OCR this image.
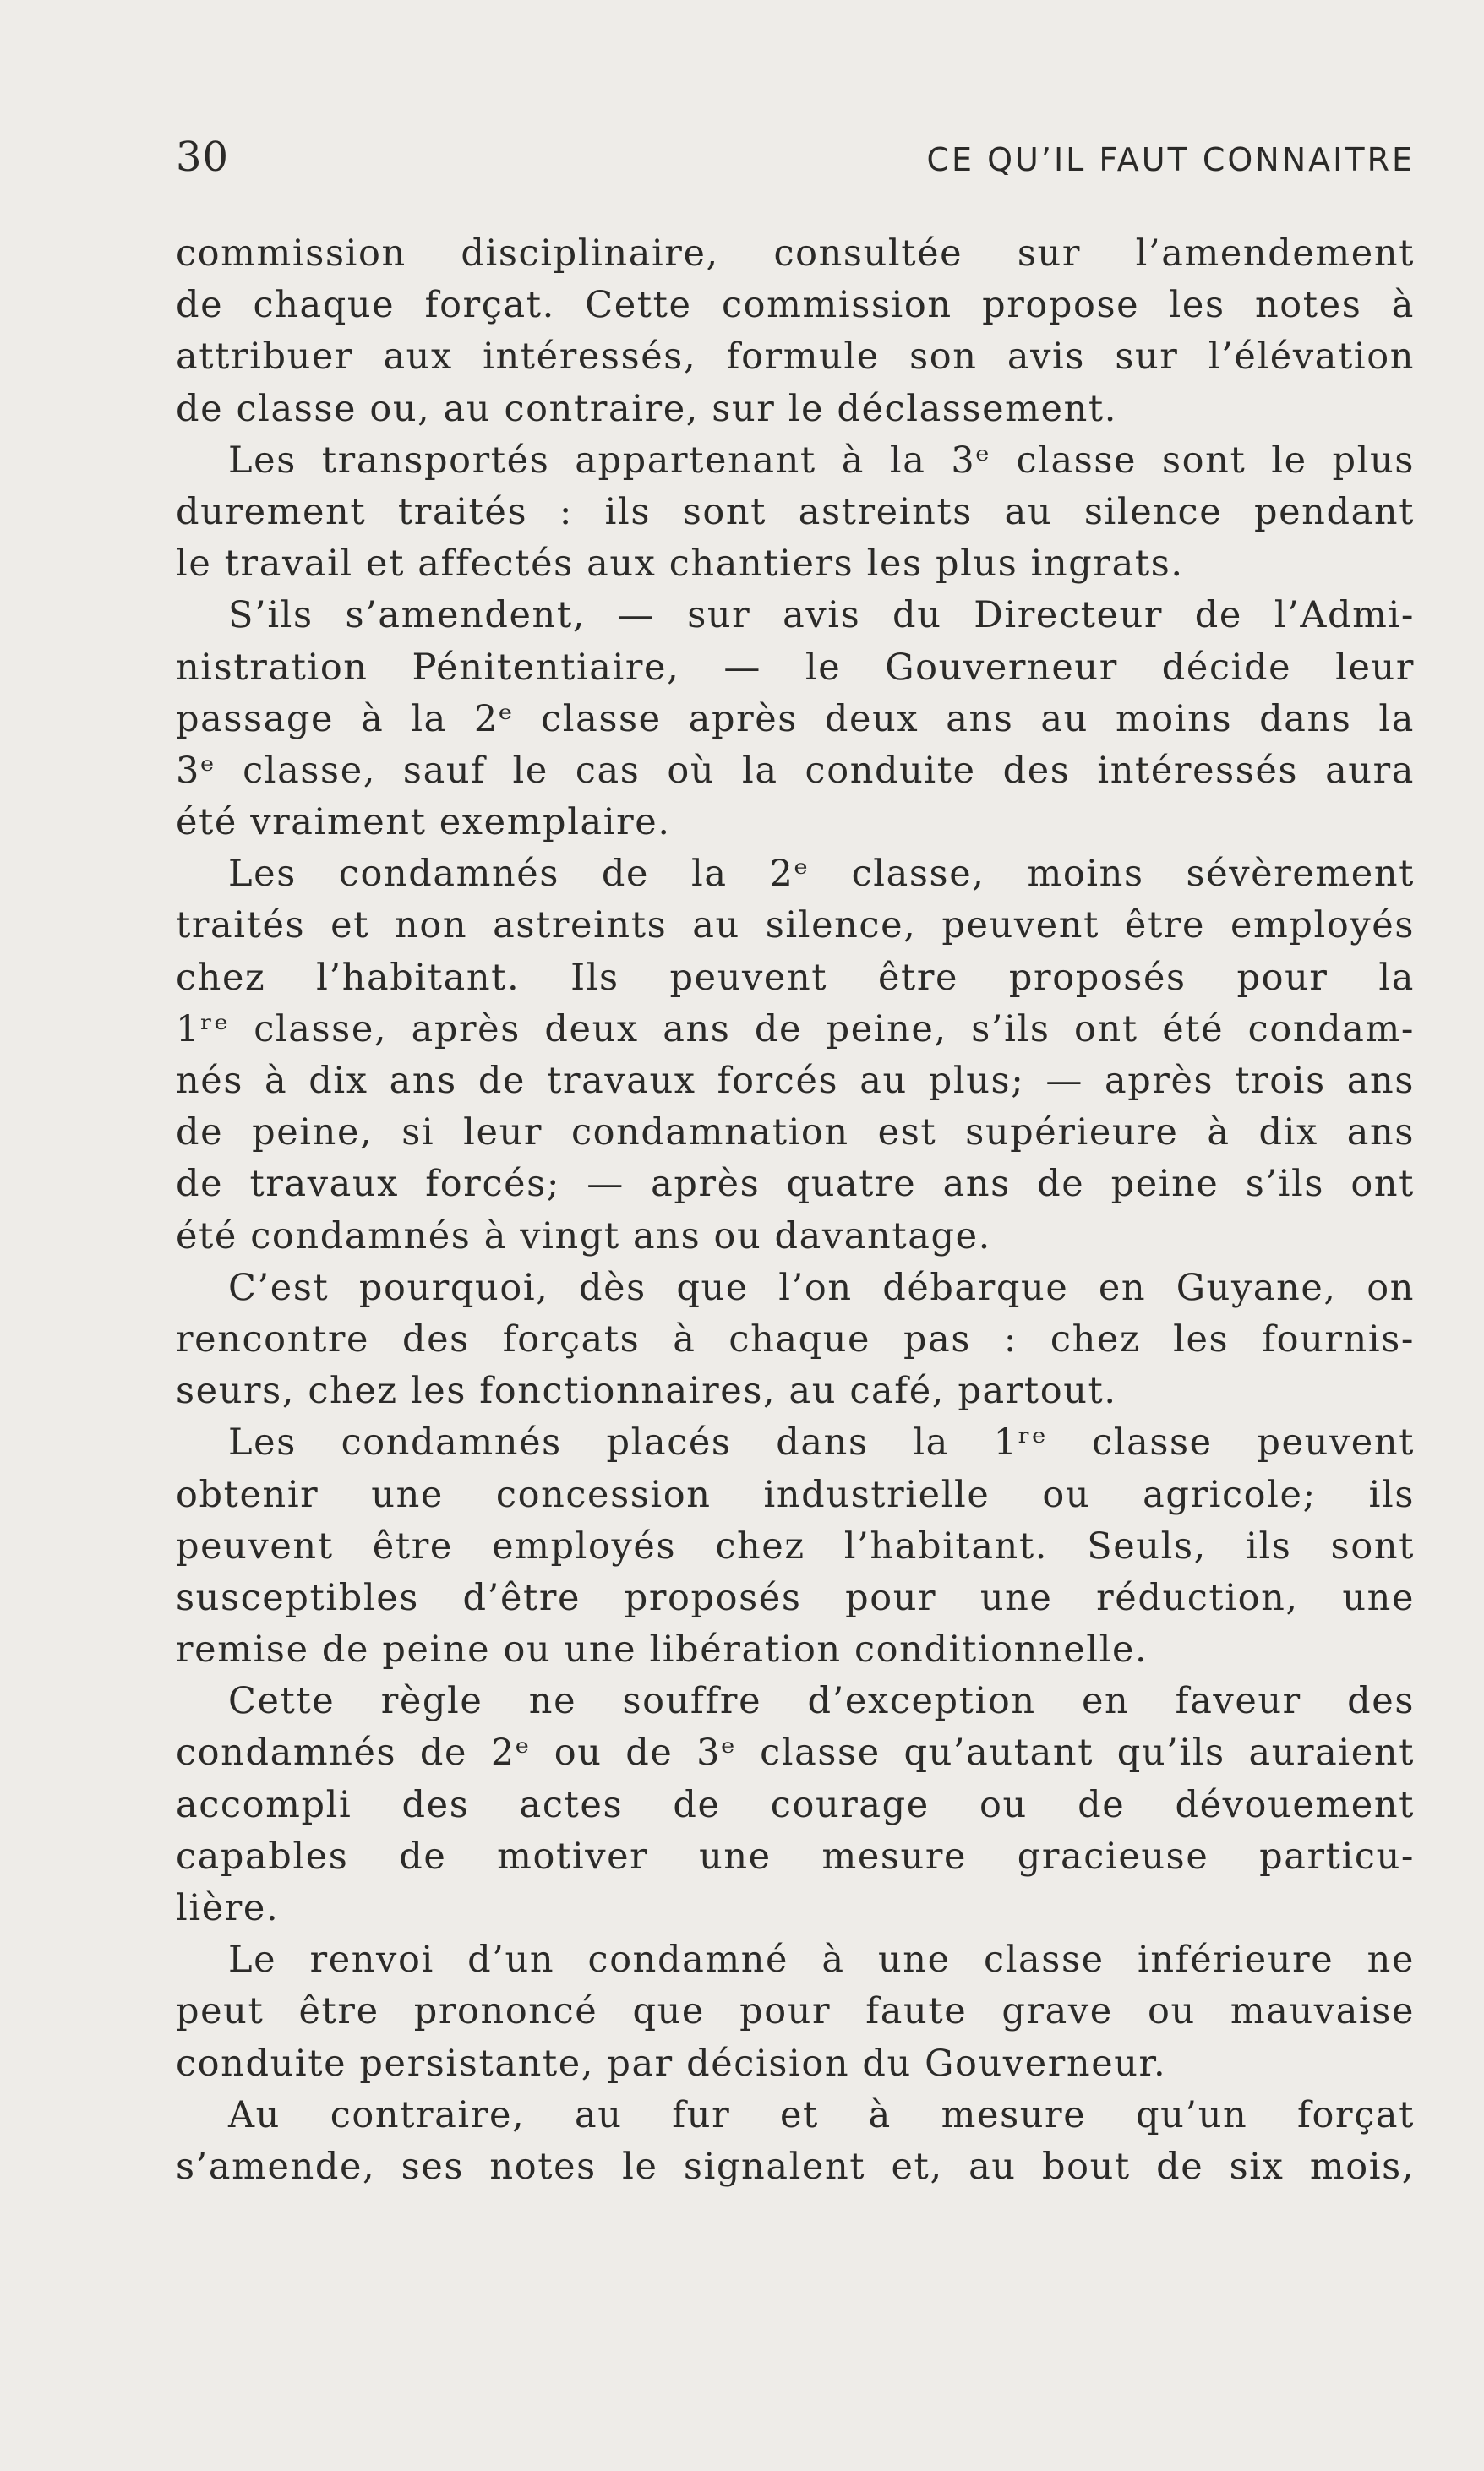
30	CE QU’IL FAUT CONNAITRE
commission disciplinaire, consultée sur l’amendement
de chaque forçat. Cette commission propose les notes à
attribuer aux intéressés, formule son avis sur l’élévation
de classe ou, au contraire, sur le déclassement.
Les transportés appartenant à la 3ᵉ classe sont le plus
durement traités : ils sont astreints au silence pendant
le travail et affectés aux chantiers les plus ingrats.
S’ils s’amendent, — sur avis du Directeur de l’Admi-
nistration Pénitentiaire, — le Gouverneur décide leur
passage à la 2ᵉ classe après deux ans au moins dans la
3ᵉ classe, sauf le cas où la conduite des intéressés aura
été vraiment exemplaire.
Les condamnés de la 2ᵉ classe, moins sévèrement
traités et non astreints au silence, peuvent être employés
chez l’habitant. Ils peuvent être proposés pour la
1ʳᵉ classe, après deux ans de peine, s’ils ont été condam-
nés à dix ans de travaux forcés au plus; — après trois ans
de peine, si leur condamnation est supérieure à dix ans
de travaux forcés; — après quatre ans de peine s’ils ont
été condamnés à vingt ans ou davantage.
C’est pourquoi, dès que l’on débarque en Guyane, on
rencontre des forçats à chaque pas : chez les fournis-
seurs, chez les fonctionnaires, au café, partout.
Les condamnés placés dans la 1ʳᵉ classe peuvent
obtenir une concession industrielle ou agricole; ils
peuvent être employés chez l’habitant. Seuls, ils sont
susceptibles d’être proposés pour une réduction, une
remise de peine ou une libération conditionnelle.
Cette règle ne souffre d’exception en faveur des
condamnés de 2ᵉ ou de 3ᵉ classe qu’autant qu’ils auraient
accompli des actes de courage ou de dévouement
capables de motiver une mesure gracieuse particu-
lière.
Le renvoi d’un condamné à une classe inférieure ne
peut être prononcé que pour faute grave ou mauvaise
conduite persistante, par décision du Gouverneur.
Au contraire, au fur et à mesure qu’un forçat
s’amende, ses notes le signalent et, au bout de six mois,
